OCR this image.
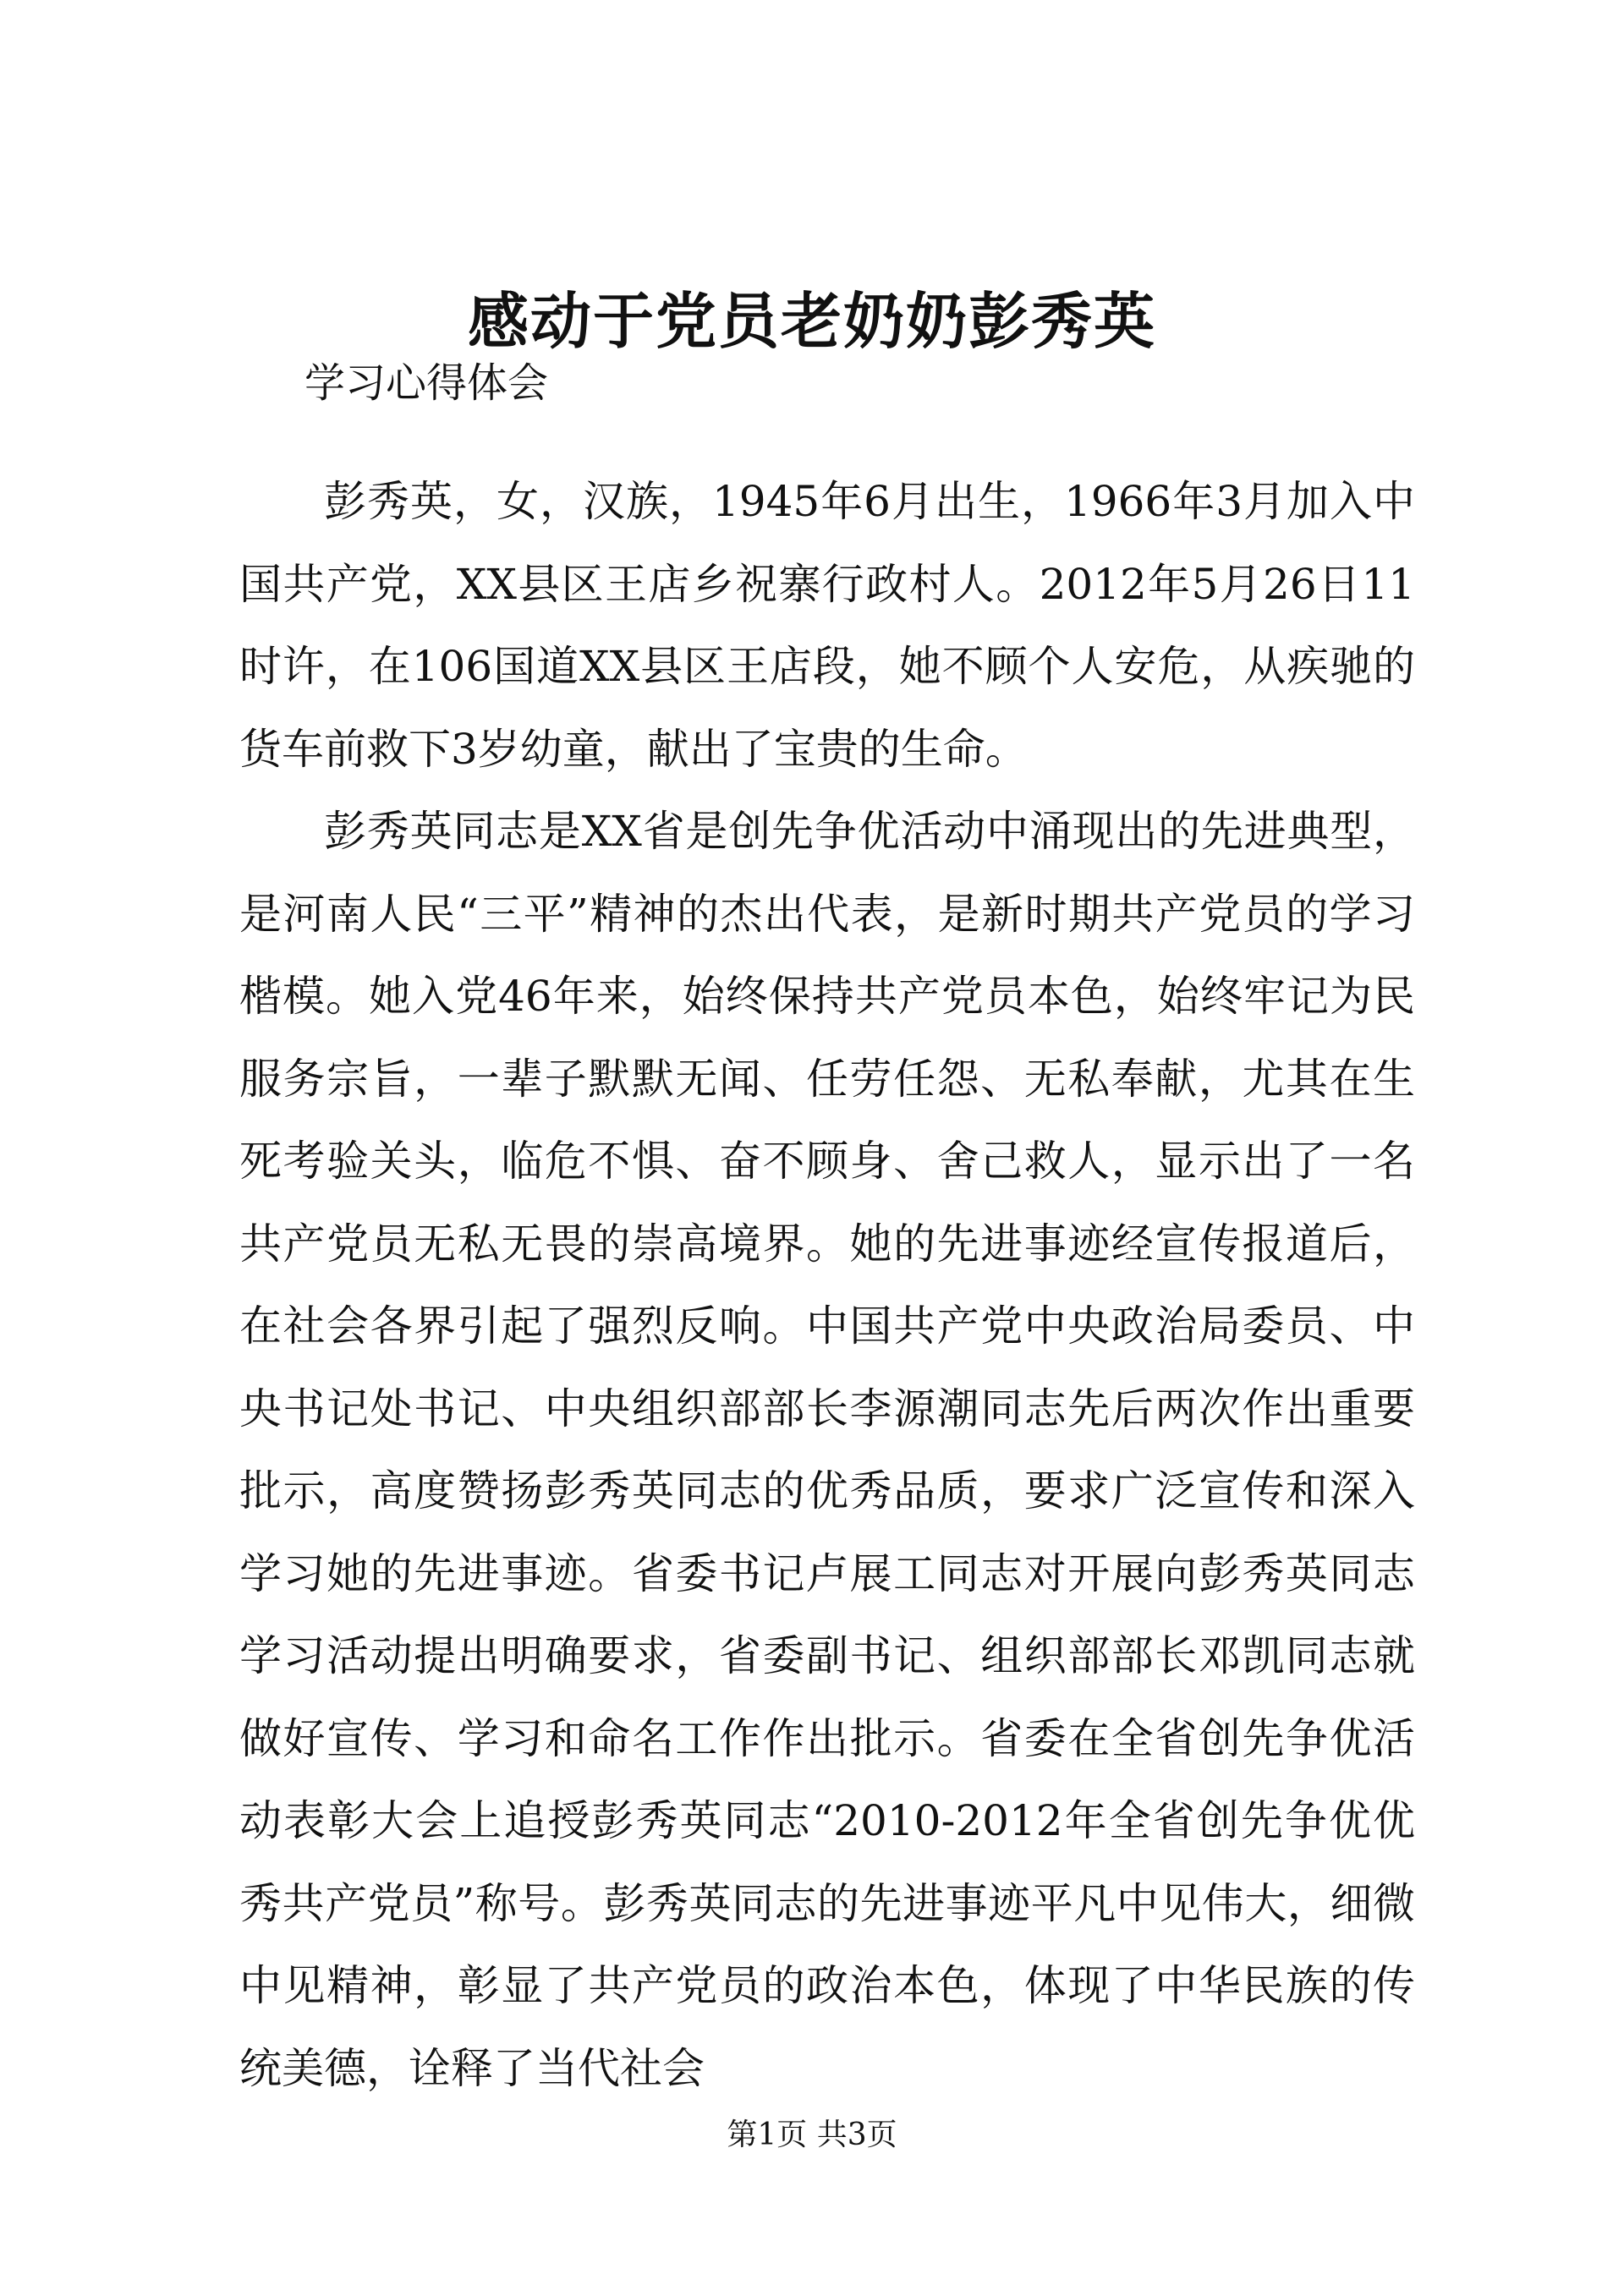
感动于党员老奶奶彭秀英
学习心得体会

彭秀英，女，汉族，1945年6月出生，1966年3月加入中国共产党，XX县区王店乡祝寨行政村人。2012年5月26日11时许，在106国道XX县区王店段，她不顾个人安危，从疾驰的货车前救下3岁幼童，献出了宝贵的生命。

彭秀英同志是XX省是创先争优活动中涌现出的先进典型，是河南人民“三平”精神的杰出代表，是新时期共产党员的学习楷模。她入党46年来，始终保持共产党员本色，始终牢记为民服务宗旨，一辈子默默无闻、任劳任怨、无私奉献，尤其在生死考验关头，临危不惧、奋不顾身、舍己救人，显示出了一名共产党员无私无畏的崇高境界。她的先进事迹经宣传报道后，在社会各界引起了强烈反响。中国共产党中央政治局委员、中央书记处书记、中央组织部部长李源潮同志先后两次作出重要批示，高度赞扬彭秀英同志的优秀品质，要求广泛宣传和深入学习她的先进事迹。省委书记卢展工同志对开展向彭秀英同志学习活动提出明确要求，省委副书记、组织部部长邓凯同志就做好宣传、学习和命名工作作出批示。省委在全省创先争优活动表彰大会上追授彭秀英同志“2010-2012年全省创先争优优秀共产党员”称号。彭秀英同志的先进事迹平凡中见伟大，细微中见精神，彰显了共产党员的政治本色，体现了中华民族的传统美德，诠释了当代社会

第1页 共3页
